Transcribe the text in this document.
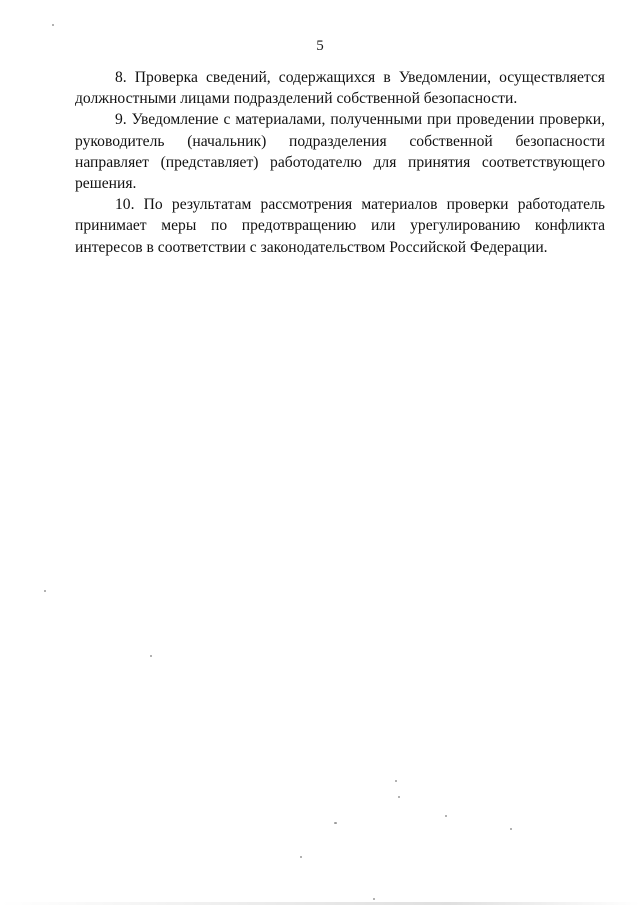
5

8. Проверка сведений, содержащихся в Уведомлении, осуществляется должностными лицами подразделений собственной безопасности.

9. Уведомление с материалами, полученными при проведении проверки, руководитель (начальник) подразделения собственной безопасности направляет (представляет) работодателю для принятия соответствующего решения.

10. По результатам рассмотрения материалов проверки работодатель принимает меры по предотвращению или урегулированию конфликта интересов в соответствии с законодательством Российской Федерации.
